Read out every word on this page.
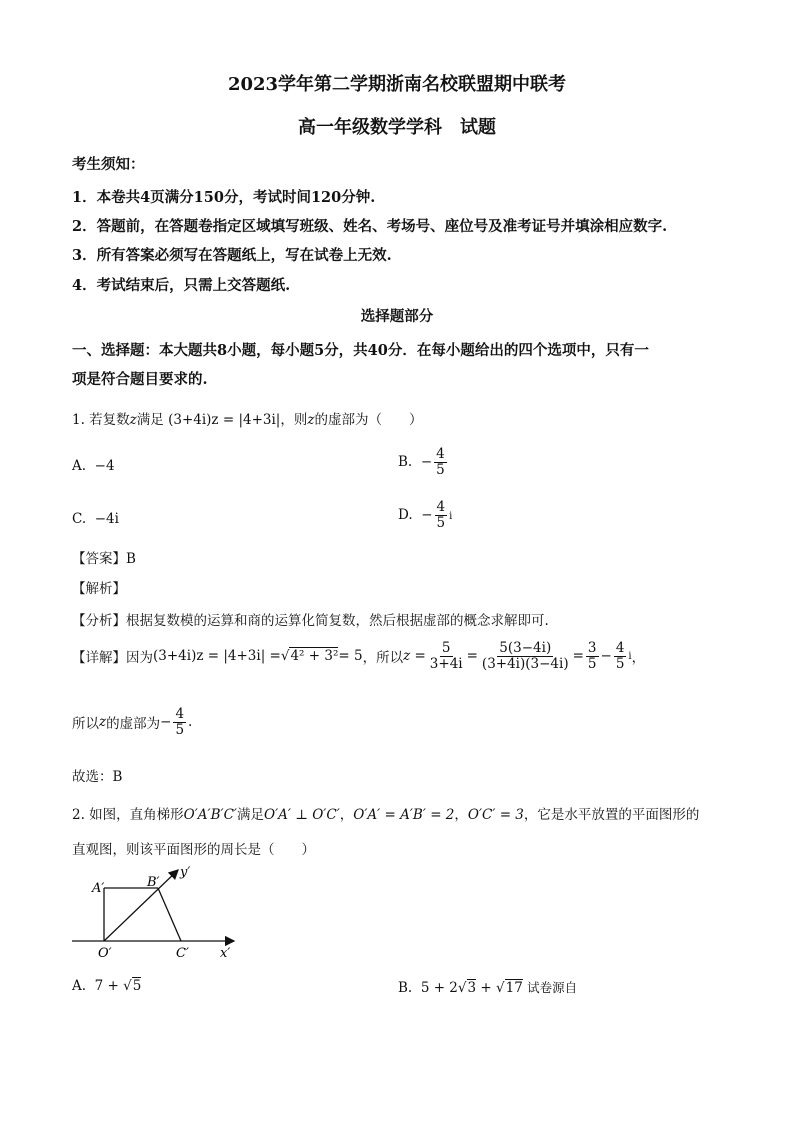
2023学年第二学期浙南名校联盟期中联考
高一年级数学学科　试题
考生须知：
1．本卷共4页满分150分，考试时间120分钟.
2．答题前，在答题卷指定区域填写班级、姓名、考场号、座位号及准考证号并填涂相应数字.
3．所有答案必须写在答题纸上，写在试卷上无效.
4．考试结束后，只需上交答题纸.
选择题部分
一、选择题：本大题共8小题，每小题5分，共40分．在每小题给出的四个选项中，只有一
项是符合题目要求的.
1. 若复数z满足 (3+4i)z = |4+3i|，则z的虚部为（　　）
A. −4	B. − $\frac{4}{5}$
C. −4i	D. − $\frac{4}{5}$ i
【答案】B
【解析】
【分析】根据复数模的运算和商的运算化简复数，然后根据虚部的概念求解即可.
【详解】因为 (3+4i)z = |4+3i| = √4² + 3² = 5 ，所以 $z = \frac{5}{3+4i} = \frac{5(3-4i)}{(3+4i)(3-4i)} = \frac{3}{5} - \frac{4}{5}$ i ，
所以 z 的虚部为 − $\frac{4}{5}$ .
故选：B
2. 如图，直角梯形O′A′B′C′满足O′A′ ⊥ O′C′，O′A′ = A′B′ = 2，O′C′ = 3，它是水平放置的平面图形的
直观图，则该平面图形的周长是（　　）
A′	B′
O′	C′ x′
y′
A. 7 + √5	B. 5 + 2√3 + √17 试卷源自
